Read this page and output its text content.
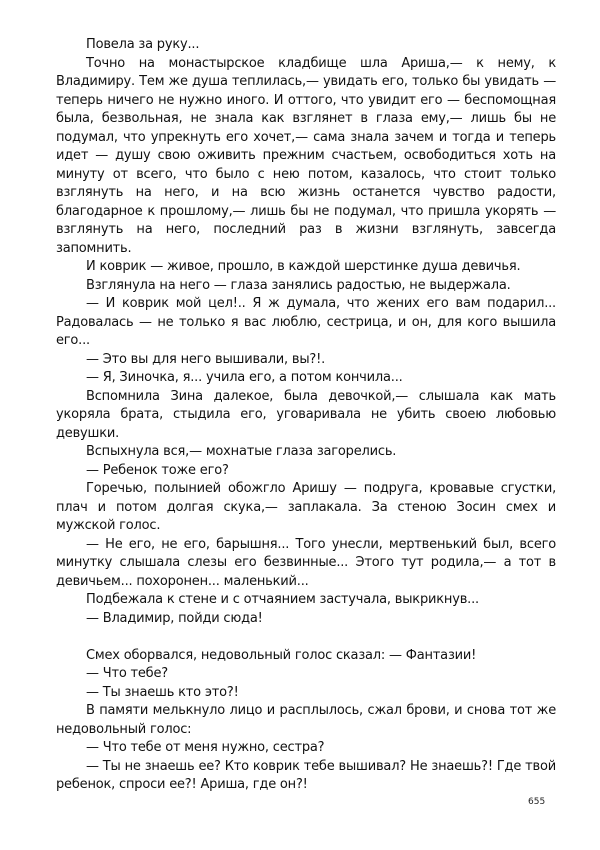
Повела за руку...

Точно на монастырское кладбище шла Ариша,— к нему, к Владимиру. Тем же душа теплилась,— увидать его, только бы увидать — теперь ничего не нужно иного. И оттого, что увидит его — беспомощная была, безвольная, не знала как взглянет в глаза ему,— лишь бы не подумал, что упрекнуть его хочет,— сама знала зачем и тогда и теперь идет — душу свою оживить прежним счастьем, освободиться хоть на минуту от всего, что было с нею потом, казалось, что стоит только взглянуть на него, и на всю жизнь останется чувство радости, благодарное к прошлому,— лишь бы не подумал, что пришла укорять — взглянуть на него, последний раз в жизни взглянуть, завсегда запомнить.

И коврик — живое, прошло, в каждой шерстинке душа девичья.

Взглянула на него — глаза занялись радостью, не выдержала.

— И коврик мой цел!.. Я ж думала, что жених его вам подарил... Радовалась — не только я вас люблю, сестрица, и он, для кого вышила его...

— Это вы для него вышивали, вы?!.

— Я, Зиночка, я... учила его, а потом кончила...

Вспомнила Зина далекое, была девочкой,— слышала как мать укоряла брата, стыдила его, уговаривала не убить своею любовью девушки.

Вспыхнула вся,— мохнатые глаза загорелись.

— Ребенок тоже его?

Горечью, полынией обожгло Аришу — подруга, кровавые сгустки, плач и потом долгая скука,— заплакала. За стеною Зосин смех и мужской голос.

— Не его, не его, барышня... Того унесли, мертвенький был, всего минутку слышала слезы его безвинные... Этого тут родила,— а тот в девичьем... похоронен... маленький...

Подбежала к стене и с отчаянием застучала, выкрикнув...

— Владимир, пойди сюда!

Смех оборвался, недовольный голос сказал: — Фантазии!

— Что тебе?

— Ты знаешь кто это?!

В памяти мелькнуло лицо и расплылось, сжал брови, и снова тот же недовольный голос:

— Что тебе от меня нужно, сестра?

— Ты не знаешь ее? Кто коврик тебе вышивал? Не знаешь?! Где твой ребенок, спроси ее?! Ариша, где он?!

655
